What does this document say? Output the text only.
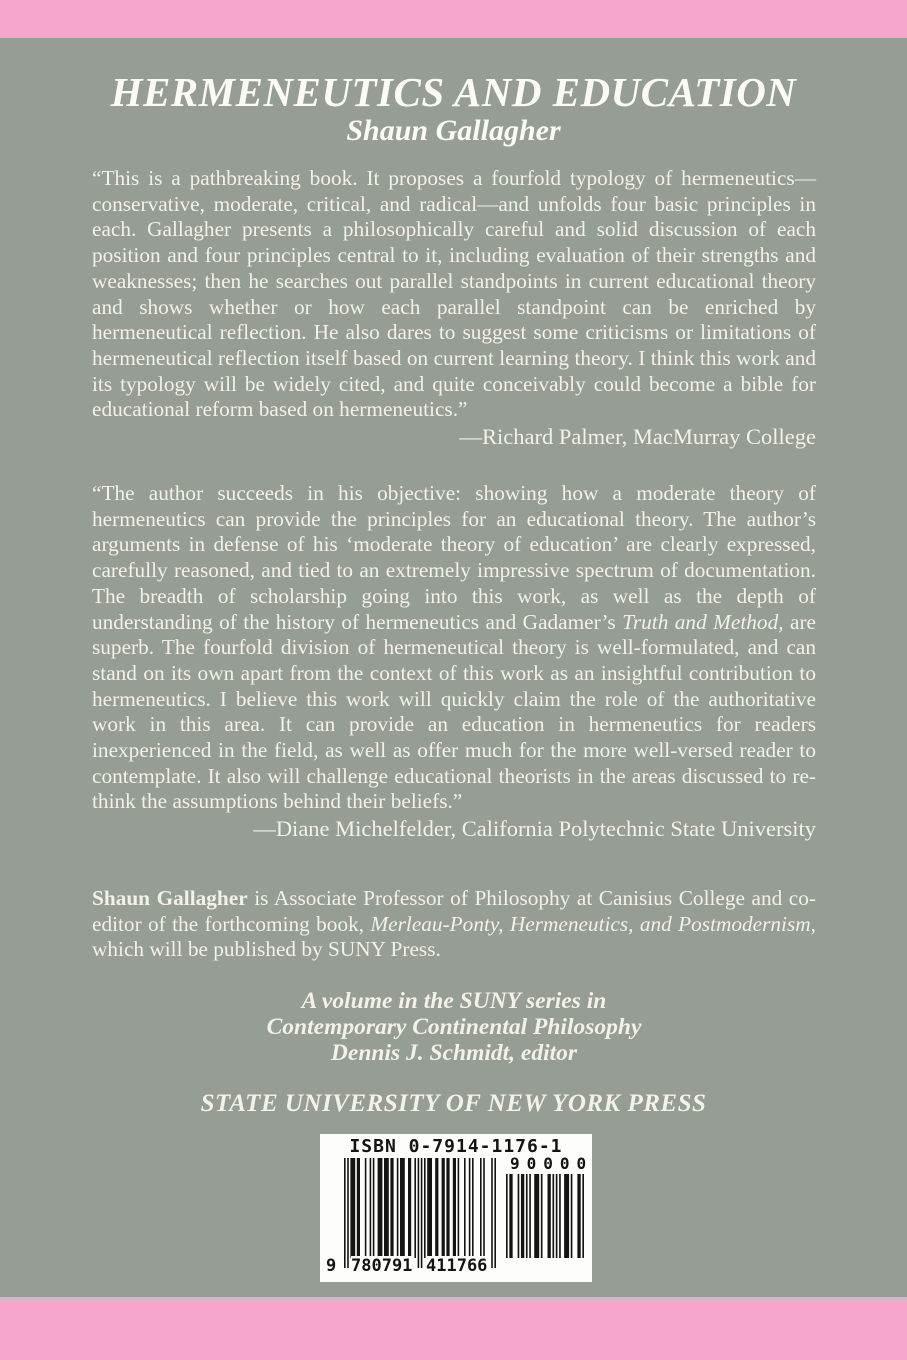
HERMENEUTICS AND EDUCATION
Shaun Gallagher

“This is a pathbreaking book. It proposes a fourfold typology of hermeneutics—conservative, moderate, critical, and radical—and unfolds four basic principles in each. Gallagher presents a philosophically careful and solid discussion of each position and four principles central to it, including evaluation of their strengths and weaknesses; then he searches out parallel standpoints in current educational theory and shows whether or how each parallel standpoint can be enriched by hermeneutical reflection. He also dares to suggest some criticisms or limitations of hermeneutical reflection itself based on current learning theory. I think this work and its typology will be widely cited, and quite conceivably could become a bible for educational reform based on hermeneutics.”

—Richard Palmer, MacMurray College

“The author succeeds in his objective: showing how a moderate theory of hermeneutics can provide the principles for an educational theory. The author’s arguments in defense of his ‘moderate theory of education’ are clearly expressed, carefully reasoned, and tied to an extremely impressive spectrum of documentation. The breadth of scholarship going into this work, as well as the depth of understanding of the history of hermeneutics and Gadamer’s Truth and Method, are superb. The fourfold division of hermeneutical theory is well-formulated, and can stand on its own apart from the context of this work as an insightful contribution to hermeneutics. I believe this work will quickly claim the role of the authoritative work in this area. It can provide an education in hermeneutics for readers inexperienced in the field, as well as offer much for the more well-versed reader to contemplate. It also will challenge educational theorists in the areas discussed to re-think the assumptions behind their beliefs.”

—Diane Michelfelder, California Polytechnic State University

Shaun Gallagher is Associate Professor of Philosophy at Canisius College and co-editor of the forthcoming book, Merleau-Ponty, Hermeneutics, and Postmodernism, which will be published by SUNY Press.

A volume in the SUNY series in
Contemporary Continental Philosophy
Dennis J. Schmidt, editor
STATE UNIVERSITY OF NEW YORK PRESS
ISBN 0-7914-1176-1
9 780791 411766
90000
